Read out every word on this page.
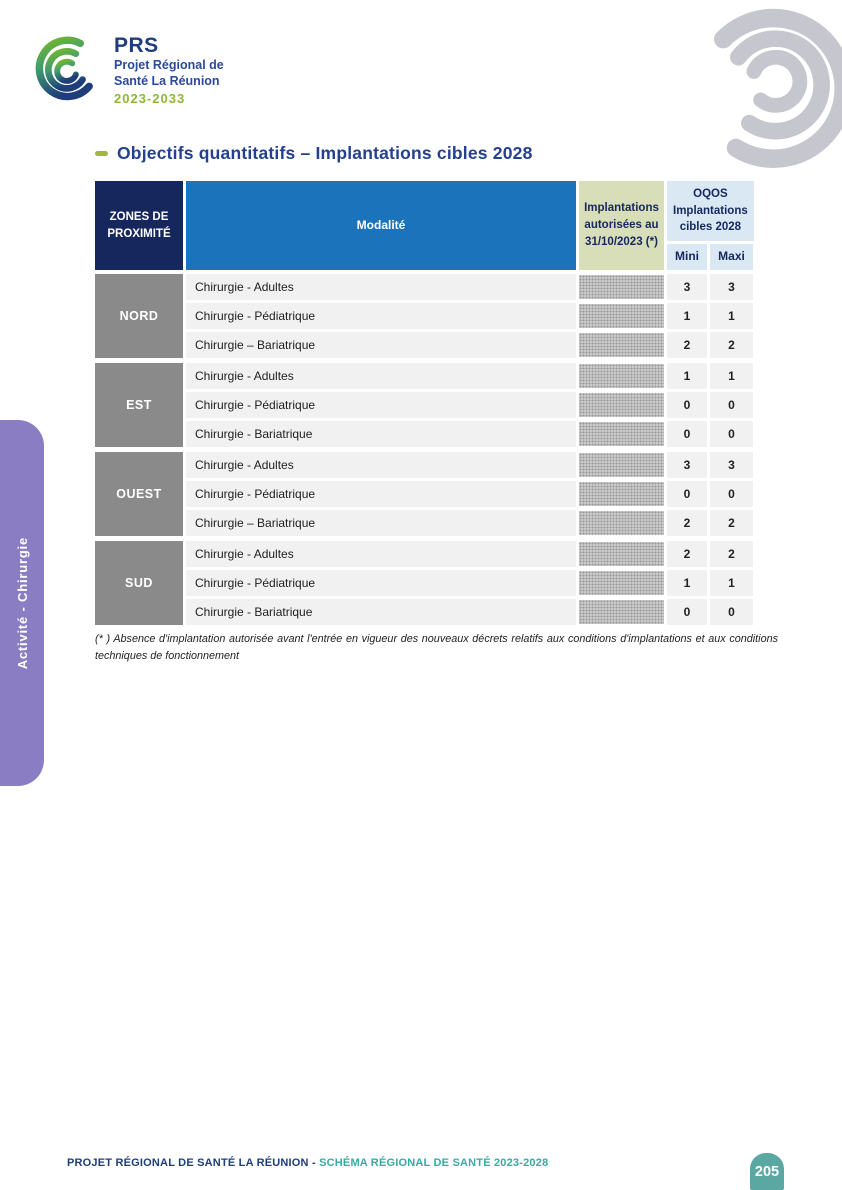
PRS
Projet Régional de
Santé La Réunion
2023-2033
Objectifs quantitatifs – Implantations cibles 2028
ZONES DE PROXIMITÉ
Modalité
Implantations autorisées au 31/10/2023 (*)
OQOS Implantations cibles 2028
Mini	Maxi
NORD
Chirurgie - Adultes	3	3
Chirurgie - Pédiatrique	1	1
Chirurgie – Bariatrique	2	2
EST
Chirurgie - Adultes	1	1
Chirurgie - Pédiatrique	0	0
Chirurgie - Bariatrique	0	0
OUEST
Chirurgie - Adultes	3	3
Chirurgie - Pédiatrique	0	0
Chirurgie – Bariatrique	2	2
SUD
Chirurgie - Adultes	2	2
Chirurgie - Pédiatrique	1	1
Chirurgie - Bariatrique	0	0
(* ) Absence d'implantation autorisée avant l'entrée en vigueur des nouveaux décrets relatifs aux conditions d'implantations et aux conditions techniques de fonctionnement
Activité - Chirurgie
PROJET RÉGIONAL DE SANTÉ LA RÉUNION - SCHÉMA RÉGIONAL DE SANTÉ 2023-2028
205
